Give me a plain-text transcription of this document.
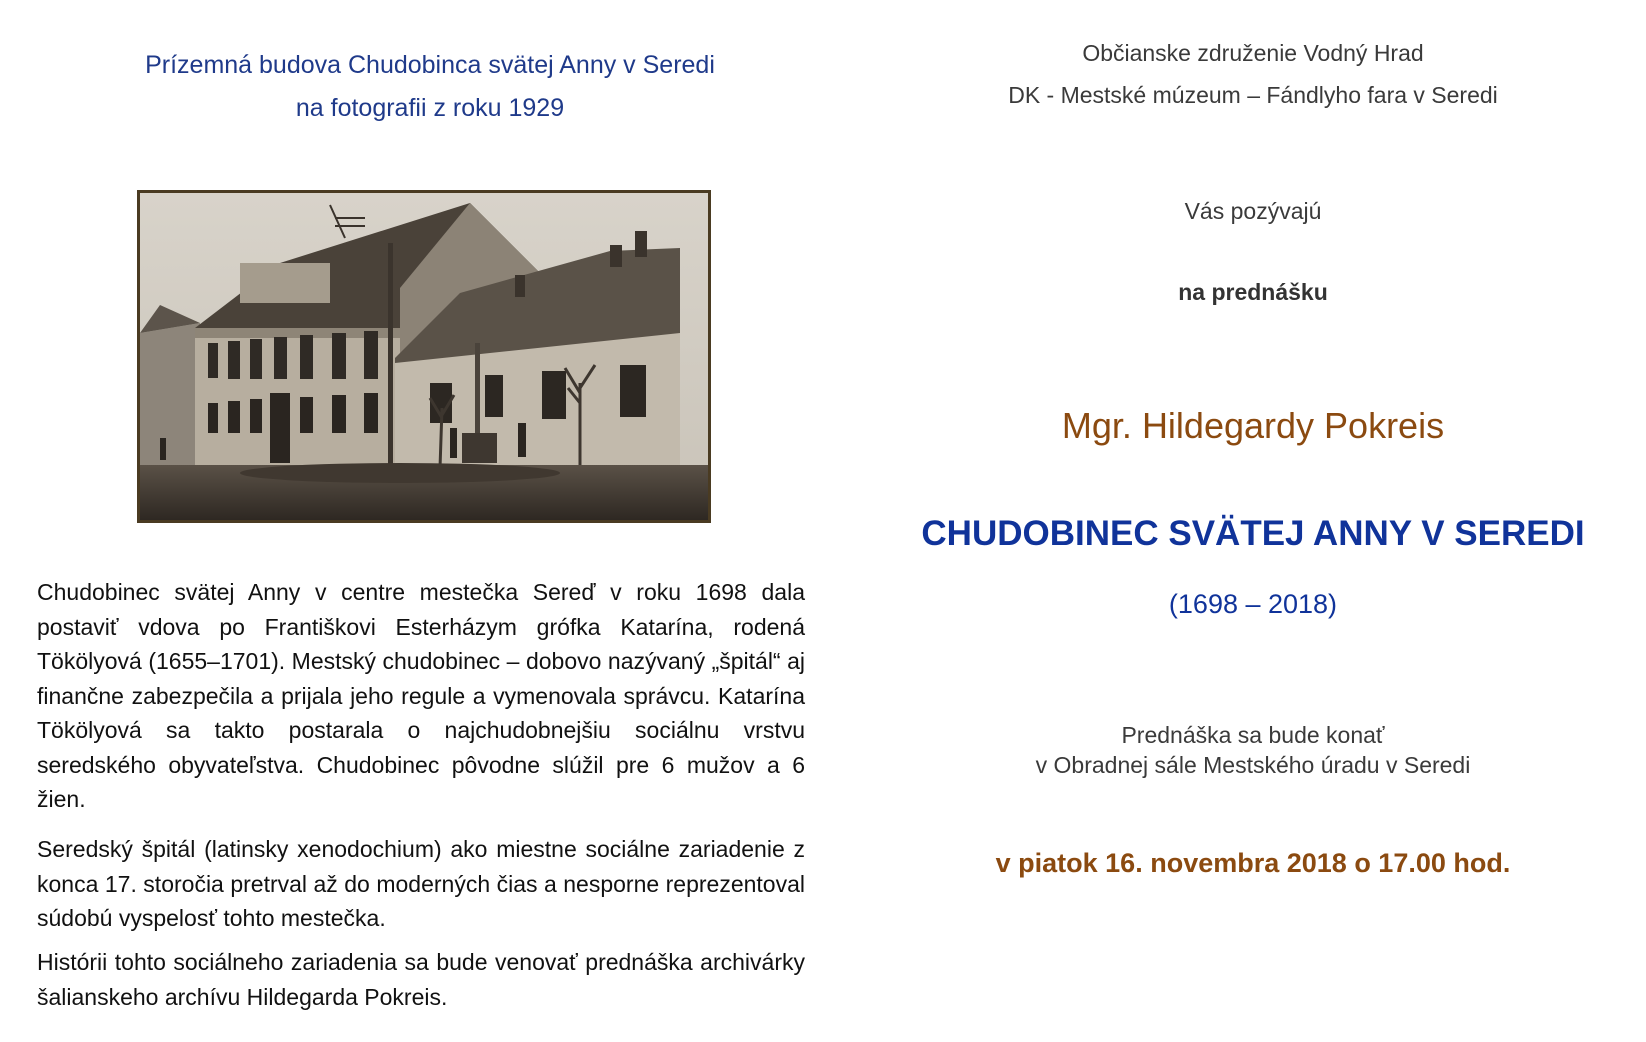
Prízemná budova Chudobinca svätej Anny v Seredi
na fotografii z roku 1929

Chudobinec svätej Anny v centre mestečka Sereď v roku 1698 dala postaviť vdova po Františkovi Esterházym grófka Katarína, rodená Tökölyová (1655–1701). Mestský chudobinec – dobovo nazývaný „špitál“ aj finančne zabezpečila a prijala jeho regule a vymenovala správcu. Katarína Tökölyová sa takto postarala o najchudobnejšiu sociálnu vrstvu seredského obyvateľstva. Chudobinec pôvodne slúžil pre 6 mužov a 6 žien.

Seredský špitál (latinsky xenodochium) ako miestne sociálne zariadenie z konca 17. storočia pretrval až do moderných čias a nesporne reprezentoval súdobú vyspelosť tohto mestečka.

Histórii tohto sociálneho zariadenia sa bude venovať prednáška archivárky šalianskeho archívu Hildegarda Pokreis.

Občianske združenie Vodný Hrad
DK - Mestské múzeum – Fándlyho fara v Seredi
Vás pozývajú
na prednášku
Mgr. Hildegardy Pokreis
CHUDOBINEC SVÄTEJ ANNY V SEREDI
(1698 – 2018)
Prednáška sa bude konať
v Obradnej sále Mestského úradu v Seredi
v piatok 16. novembra 2018 o 17.00 hod.
